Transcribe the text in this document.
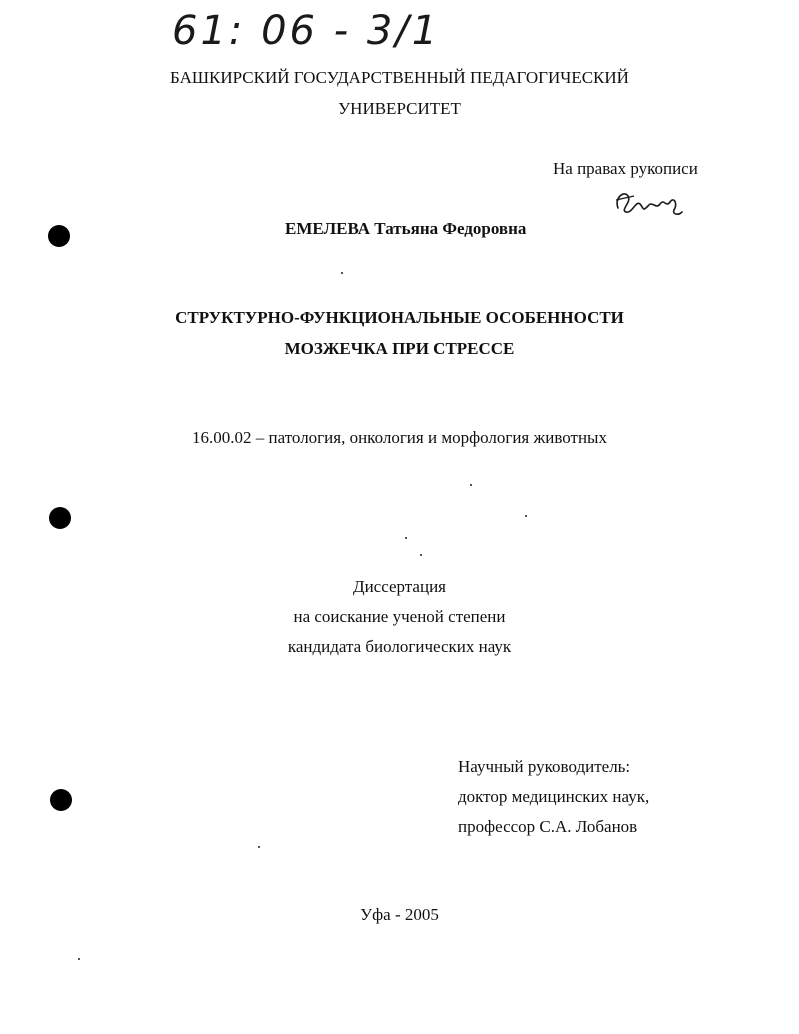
61: 06 - 3/1
БАШКИРСКИЙ ГОСУДАРСТВЕННЫЙ ПЕДАГОГИЧЕСКИЙ
УНИВЕРСИТЕТ
На правах рукописи
ЕМЕЛЕВА Татьяна Федоровна
СТРУКТУРНО-ФУНКЦИОНАЛЬНЫЕ ОСОБЕННОСТИ
МОЗЖЕЧКА ПРИ СТРЕССЕ
16.00.02 – патология, онкология и морфология животных
Диссертация
на соискание ученой степени
кандидата биологических наук
Научный руководитель:
доктор медицинских наук,
профессор С.А. Лобанов
Уфа - 2005
